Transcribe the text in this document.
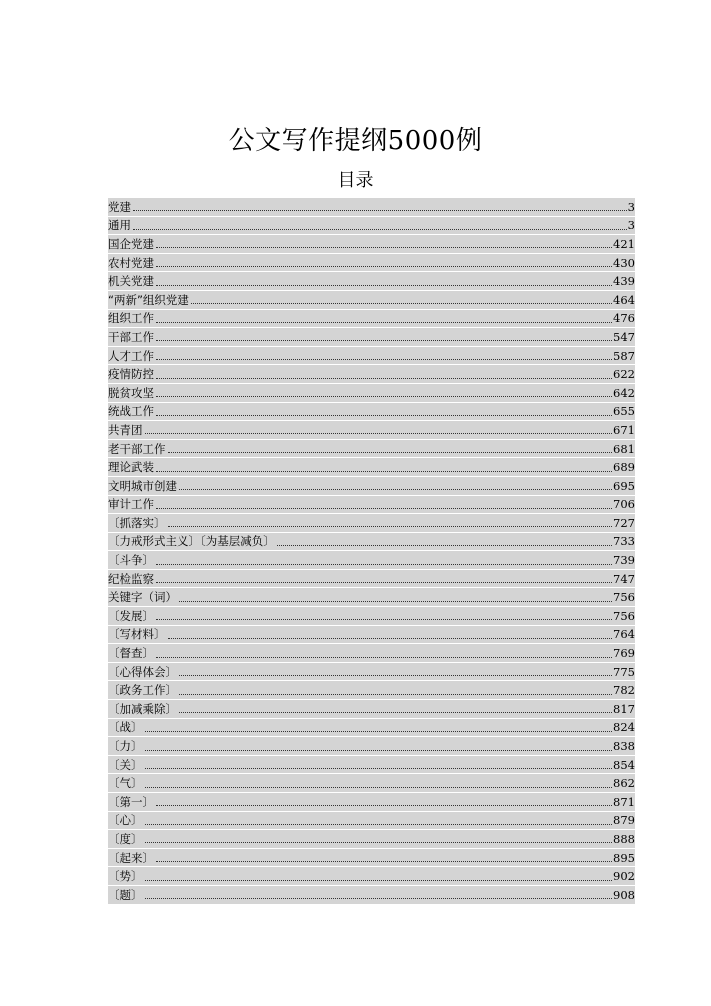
公文写作提纲5000例
目录
党建	3
通用	3
国企党建	421
农村党建	430
机关党建	439
“两新”组织党建	464
组织工作	476
干部工作	547
人才工作	587
疫情防控	622
脱贫攻坚	642
统战工作	655
共青团	671
老干部工作	681
理论武装	689
文明城市创建	695
审计工作	706
〔抓落实〕	727
〔力戒形式主义〕〔为基层减负〕	733
〔斗争〕	739
纪检监察	747
关键字（词）	756
〔发展〕	756
〔写材料〕	764
〔督查〕	769
〔心得体会〕	775
〔政务工作〕	782
〔加减乘除〕	817
〔战〕	824
〔力〕	838
〔关〕	854
〔气〕	862
〔第一〕	871
〔心〕	879
〔度〕	888
〔起来〕	895
〔势〕	902
〔题〕	908
